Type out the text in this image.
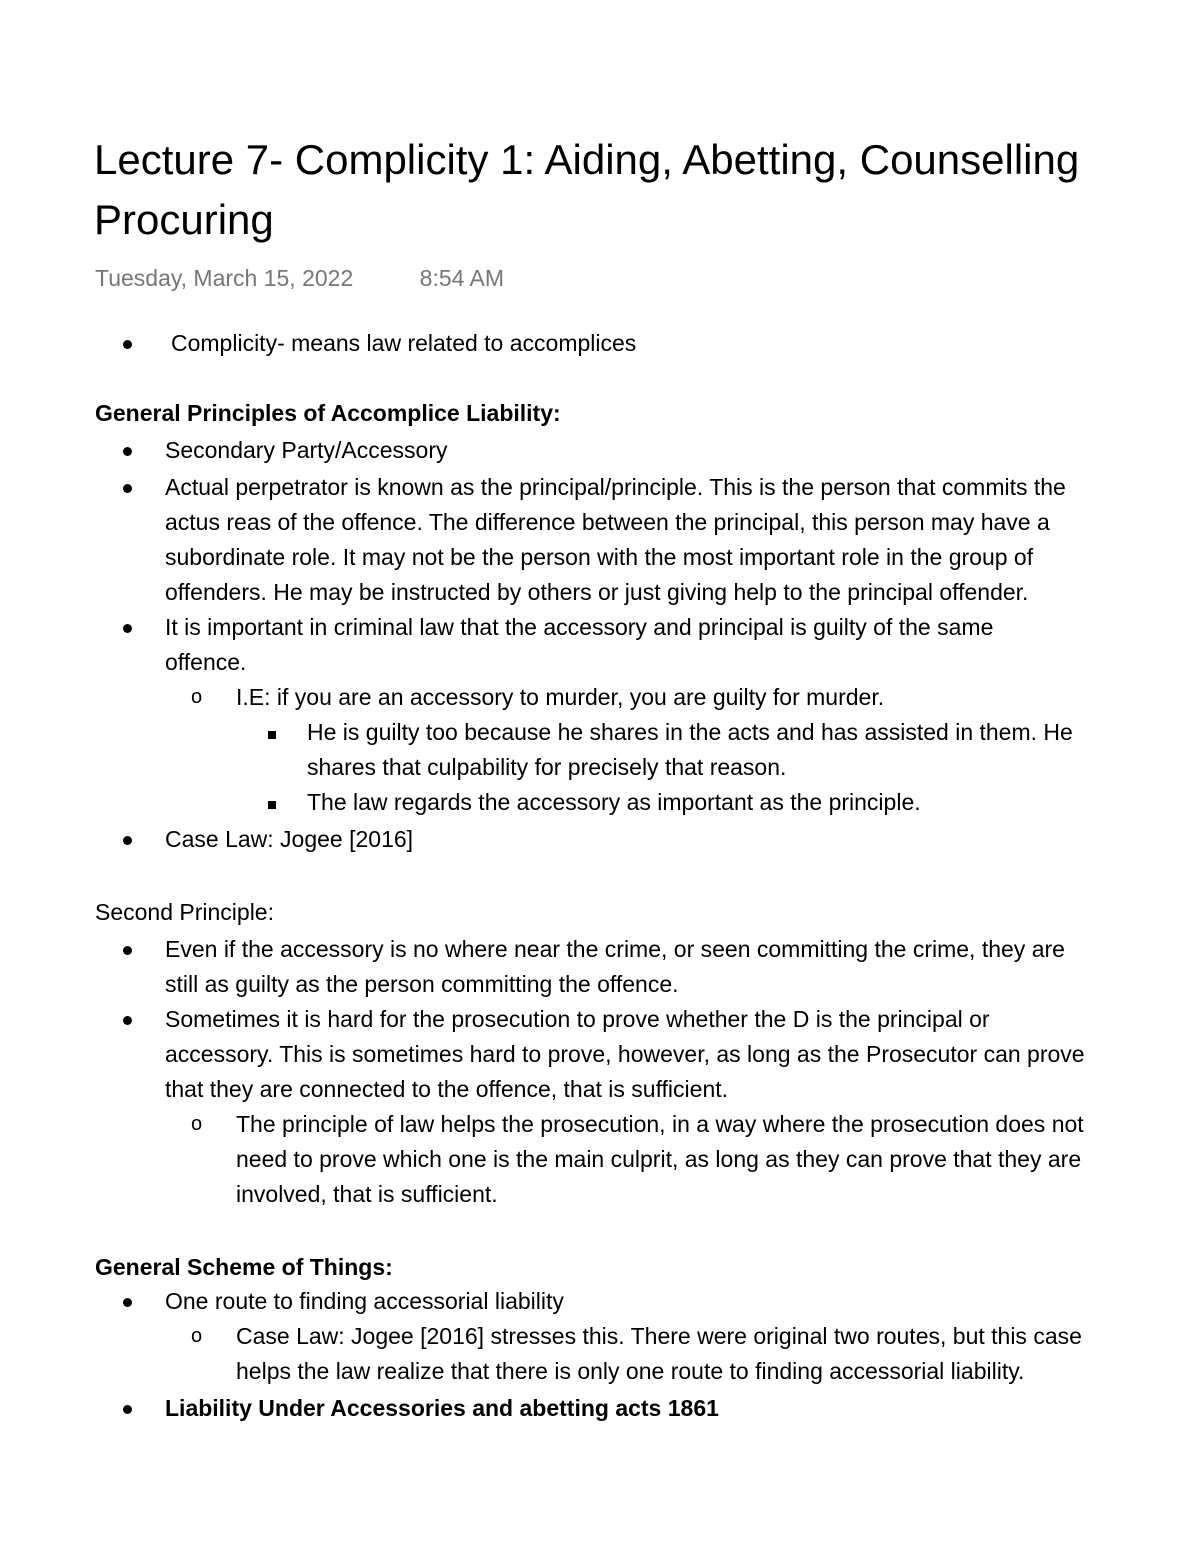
Lecture 7- Complicity 1: Aiding, Abetting, Counselling
Procuring
Tuesday, March 15, 2022	8:54 AM
Complicity- means law related to accomplices
General Principles of Accomplice Liability:
Secondary Party/Accessory
Actual perpetrator is known as the principal/principle. This is the person that commits the
actus reas of the offence. The difference between the principal, this person may have a
subordinate role. It may not be the person with the most important role in the group of
offenders. He may be instructed by others or just giving help to the principal offender.
It is important in criminal law that the accessory and principal is guilty of the same
offence.
o I.E: if you are an accessory to murder, you are guilty for murder.
He is guilty too because he shares in the acts and has assisted in them. He
shares that culpability for precisely that reason.
The law regards the accessory as important as the principle.
Case Law: Jogee [2016]
Second Principle:
Even if the accessory is no where near the crime, or seen committing the crime, they are
still as guilty as the person committing the offence.
Sometimes it is hard for the prosecution to prove whether the D is the principal or
accessory. This is sometimes hard to prove, however, as long as the Prosecutor can prove
that they are connected to the offence, that is sufficient.
o The principle of law helps the prosecution, in a way where the prosecution does not
need to prove which one is the main culprit, as long as they can prove that they are
involved, that is sufficient.
General Scheme of Things:
One route to finding accessorial liability
o Case Law: Jogee [2016] stresses this. There were original two routes, but this case
helps the law realize that there is only one route to finding accessorial liability.
Liability Under Accessories and abetting acts 1861
